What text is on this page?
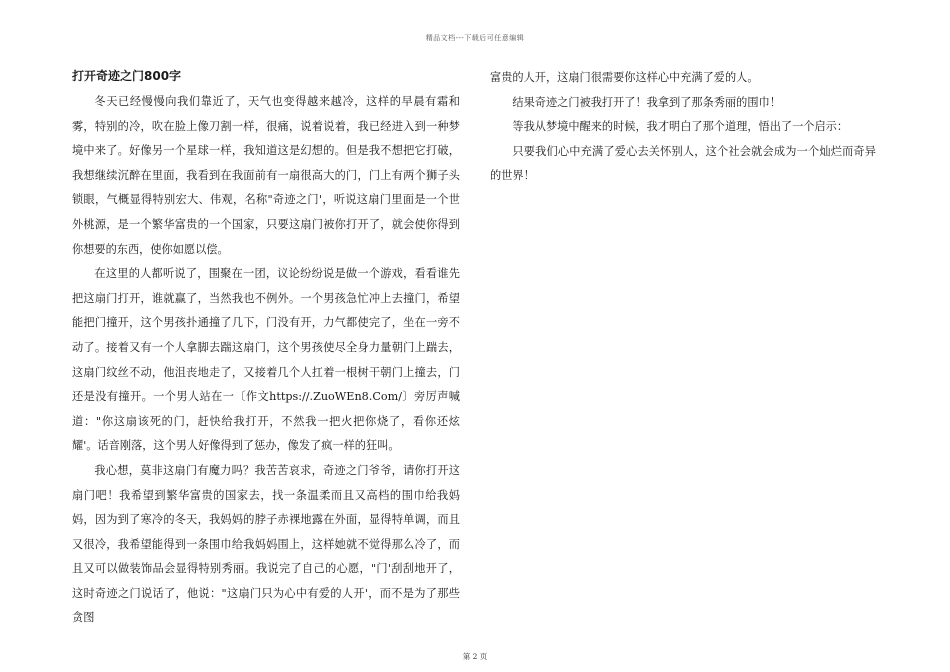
精品文档---下载后可任意编辑
打开奇迹之门800字

冬天已经慢慢向我们靠近了，天气也变得越来越冷，这样的早晨有霜和雾，特别的冷，吹在脸上像刀割一样，很痛，说着说着，我已经进入到一种梦境中来了。好像另一个星球一样，我知道这是幻想的。但是我不想把它打破，我想继续沉醉在里面，我看到在我面前有一扇很高大的门，门上有两个狮子头锁眼，气概显得特别宏大、伟观，名称"奇迹之门'，听说这扇门里面是一个世外桃源，是一个繁华富贵的一个国家，只要这扇门被你打开了，就会使你得到你想要的东西，使你如愿以偿。

在这里的人都听说了，围聚在一团，议论纷纷说是做一个游戏，看看谁先把这扇门打开，谁就赢了，当然我也不例外。一个男孩急忙冲上去撞门，希望能把门撞开，这个男孩扑通撞了几下，门没有开，力气都使完了，坐在一旁不动了。接着又有一个人拿脚去踹这扇门，这个男孩使尽全身力量朝门上踹去，这扇门纹丝不动，他沮丧地走了，又接着几个人扛着一根树干朝门上撞去，门还是没有撞开。一个男人站在一〔作文https://.ZuoWEn8.Com/〕旁厉声喊道："你这扇该死的门，赶快给我打开，不然我一把火把你烧了，看你还炫耀'。话音刚落，这个男人好像得到了惩办，像发了疯一样的狂叫。

我心想，莫非这扇门有魔力吗？我苦苦哀求，奇迹之门爷爷，请你打开这扇门吧！我希望到繁华富贵的国家去，找一条温柔而且又高档的围巾给我妈妈，因为到了寒冷的冬天，我妈妈的脖子赤裸地露在外面，显得特单调，而且又很冷，我希望能得到一条围巾给我妈妈围上，这样她就不觉得那么冷了，而且又可以做装饰品会显得特别秀丽。我说完了自己的心愿，"门'刮刮地开了，这时奇迹之门说话了，他说："这扇门只为心中有爱的人开'，而不是为了那些贪图

富贵的人开，这扇门很需要你这样心中充满了爱的人。

结果奇迹之门被我打开了！我拿到了那条秀丽的围巾！

等我从梦境中醒来的时候，我才明白了那个道理，悟出了一个启示：

只要我们心中充满了爱心去关怀别人，这个社会就会成为一个灿烂而奇异的世界！

第 2 页
